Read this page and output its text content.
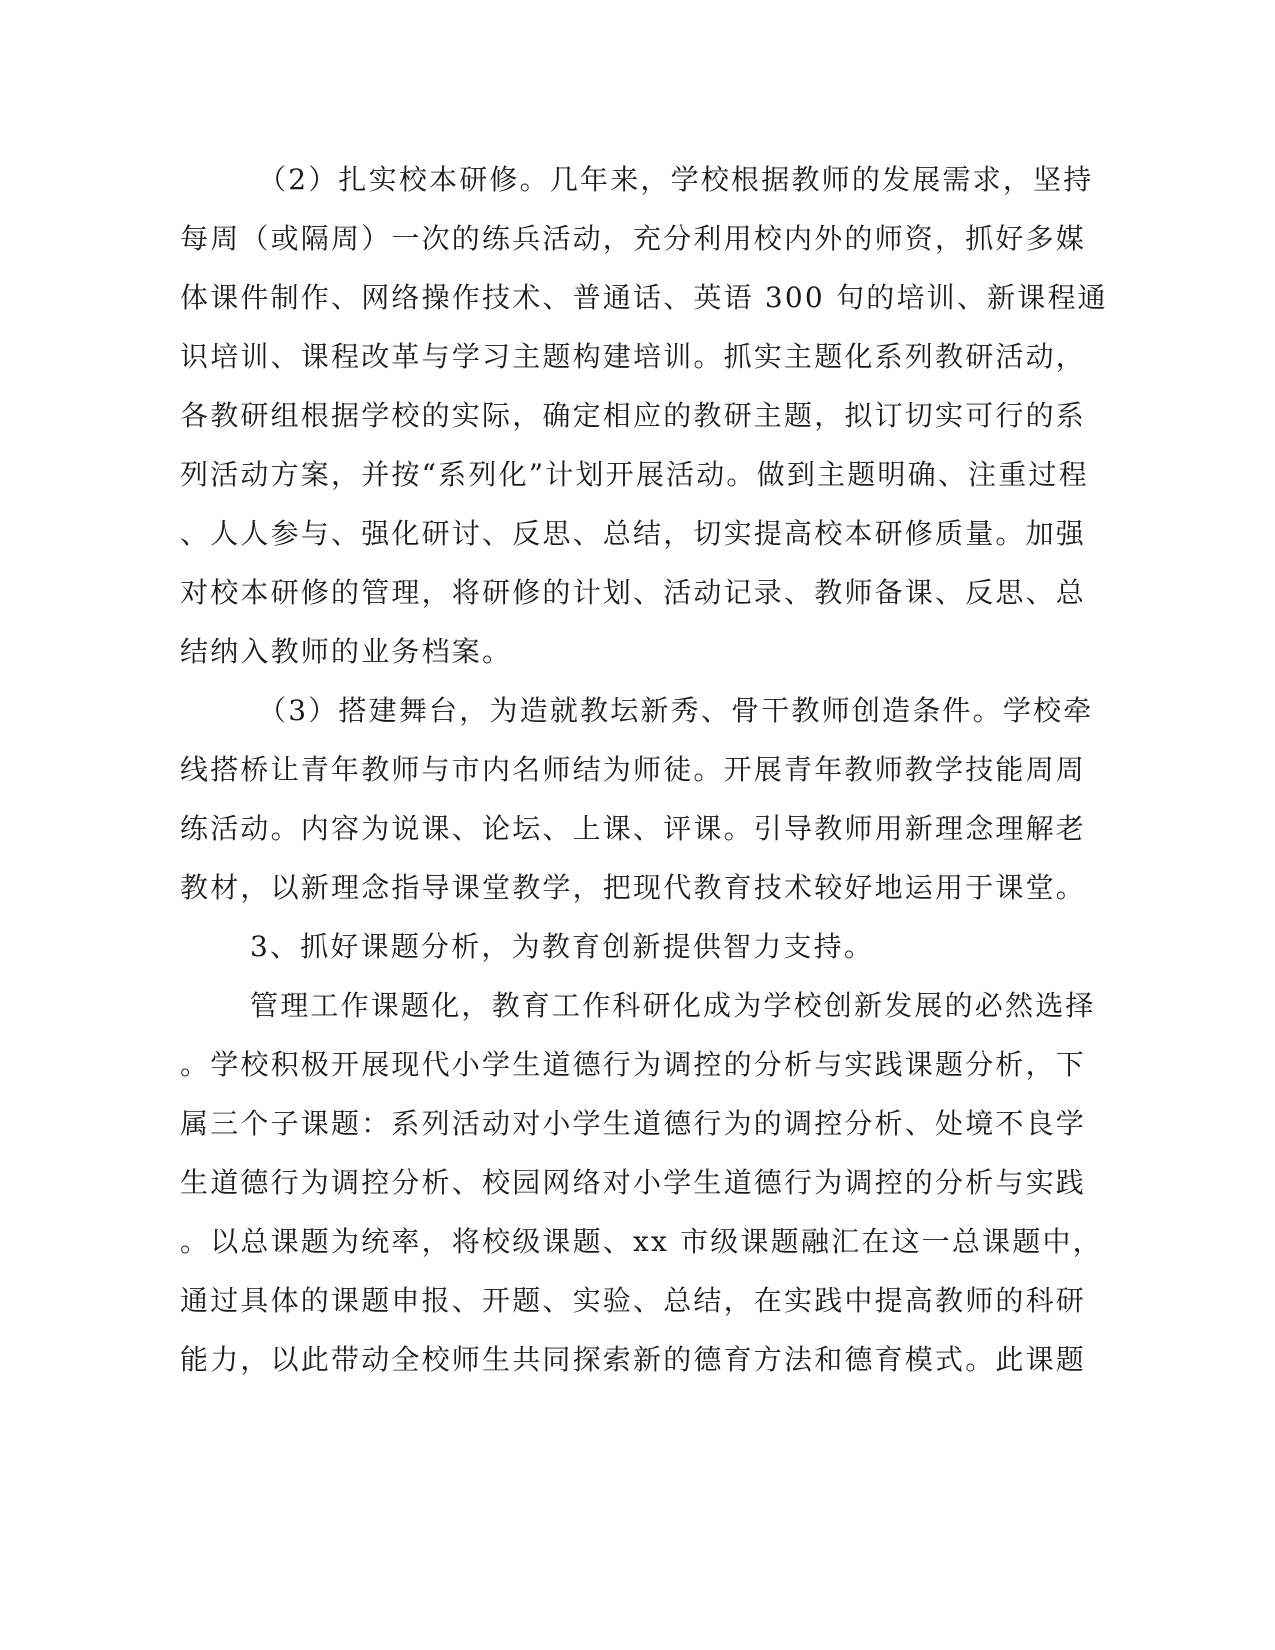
（2）扎实校本研修。几年来，学校根据教师的发展需求，坚持
每周（或隔周）一次的练兵活动，充分利用校内外的师资，抓好多媒
体课件制作、网络操作技术、普通话、英语 300 句的培训、新课程通
识培训、课程改革与学习主题构建培训。抓实主题化系列教研活动，
各教研组根据学校的实际，确定相应的教研主题，拟订切实可行的系
列活动方案，并按“系列化”计划开展活动。做到主题明确、注重过程
、人人参与、强化研讨、反思、总结，切实提高校本研修质量。加强
对校本研修的管理，将研修的计划、活动记录、教师备课、反思、总
结纳入教师的业务档案。
（3）搭建舞台，为造就教坛新秀、骨干教师创造条件。学校牵
线搭桥让青年教师与市内名师结为师徒。开展青年教师教学技能周周
练活动。内容为说课、论坛、上课、评课。引导教师用新理念理解老
教材，以新理念指导课堂教学，把现代教育技术较好地运用于课堂。
3、抓好课题分析，为教育创新提供智力支持。
管理工作课题化，教育工作科研化成为学校创新发展的必然选择
。学校积极开展现代小学生道德行为调控的分析与实践课题分析，下
属三个子课题：系列活动对小学生道德行为的调控分析、处境不良学
生道德行为调控分析、校园网络对小学生道德行为调控的分析与实践
。以总课题为统率，将校级课题、xx 市级课题融汇在这一总课题中，
通过具体的课题申报、开题、实验、总结，在实践中提高教师的科研
能力，以此带动全校师生共同探索新的德育方法和德育模式。此课题
